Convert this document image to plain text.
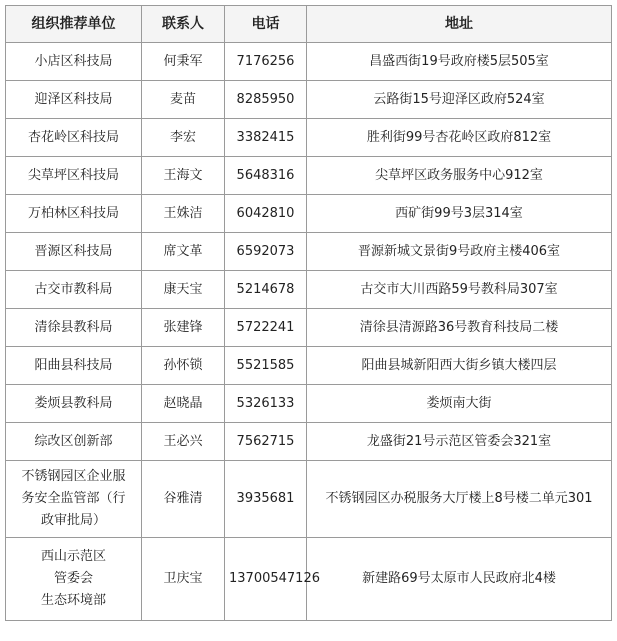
组织推荐单位	联系人	电话	地址
小店区科技局	何秉军	7176256	昌盛西街19号政府楼5层505室
迎泽区科技局	麦苗	8285950	云路街15号迎泽区政府524室
杏花岭区科技局	李宏	3382415	胜利街99号杏花岭区政府812室
尖草坪区科技局	王海文	5648316	尖草坪区政务服务中心912室
万柏林区科技局	王姝洁	6042810	西矿街99号3层314室
晋源区科技局	席文革	6592073	晋源新城文景街9号政府主楼406室
古交市教科局	康天宝	5214678	古交市大川西路59号教科局307室
清徐县教科局	张建锋	5722241	清徐县清源路36号教育科技局二楼
阳曲县科技局	孙怀锁	5521585	阳曲县城新阳西大街乡镇大楼四层
娄烦县教科局	赵晓晶	5326133	娄烦南大街
综改区创新部	王必兴	7562715	龙盛街21号示范区管委会321室
不锈钢园区企业服
务安全监管部（行
政审批局）	谷雅清	3935681	不锈钢园区办税服务大厅楼上8号楼二单元301
西山示范区
管委会
生态环境部	卫庆宝	13700547126	新建路69号太原市人民政府北4楼
